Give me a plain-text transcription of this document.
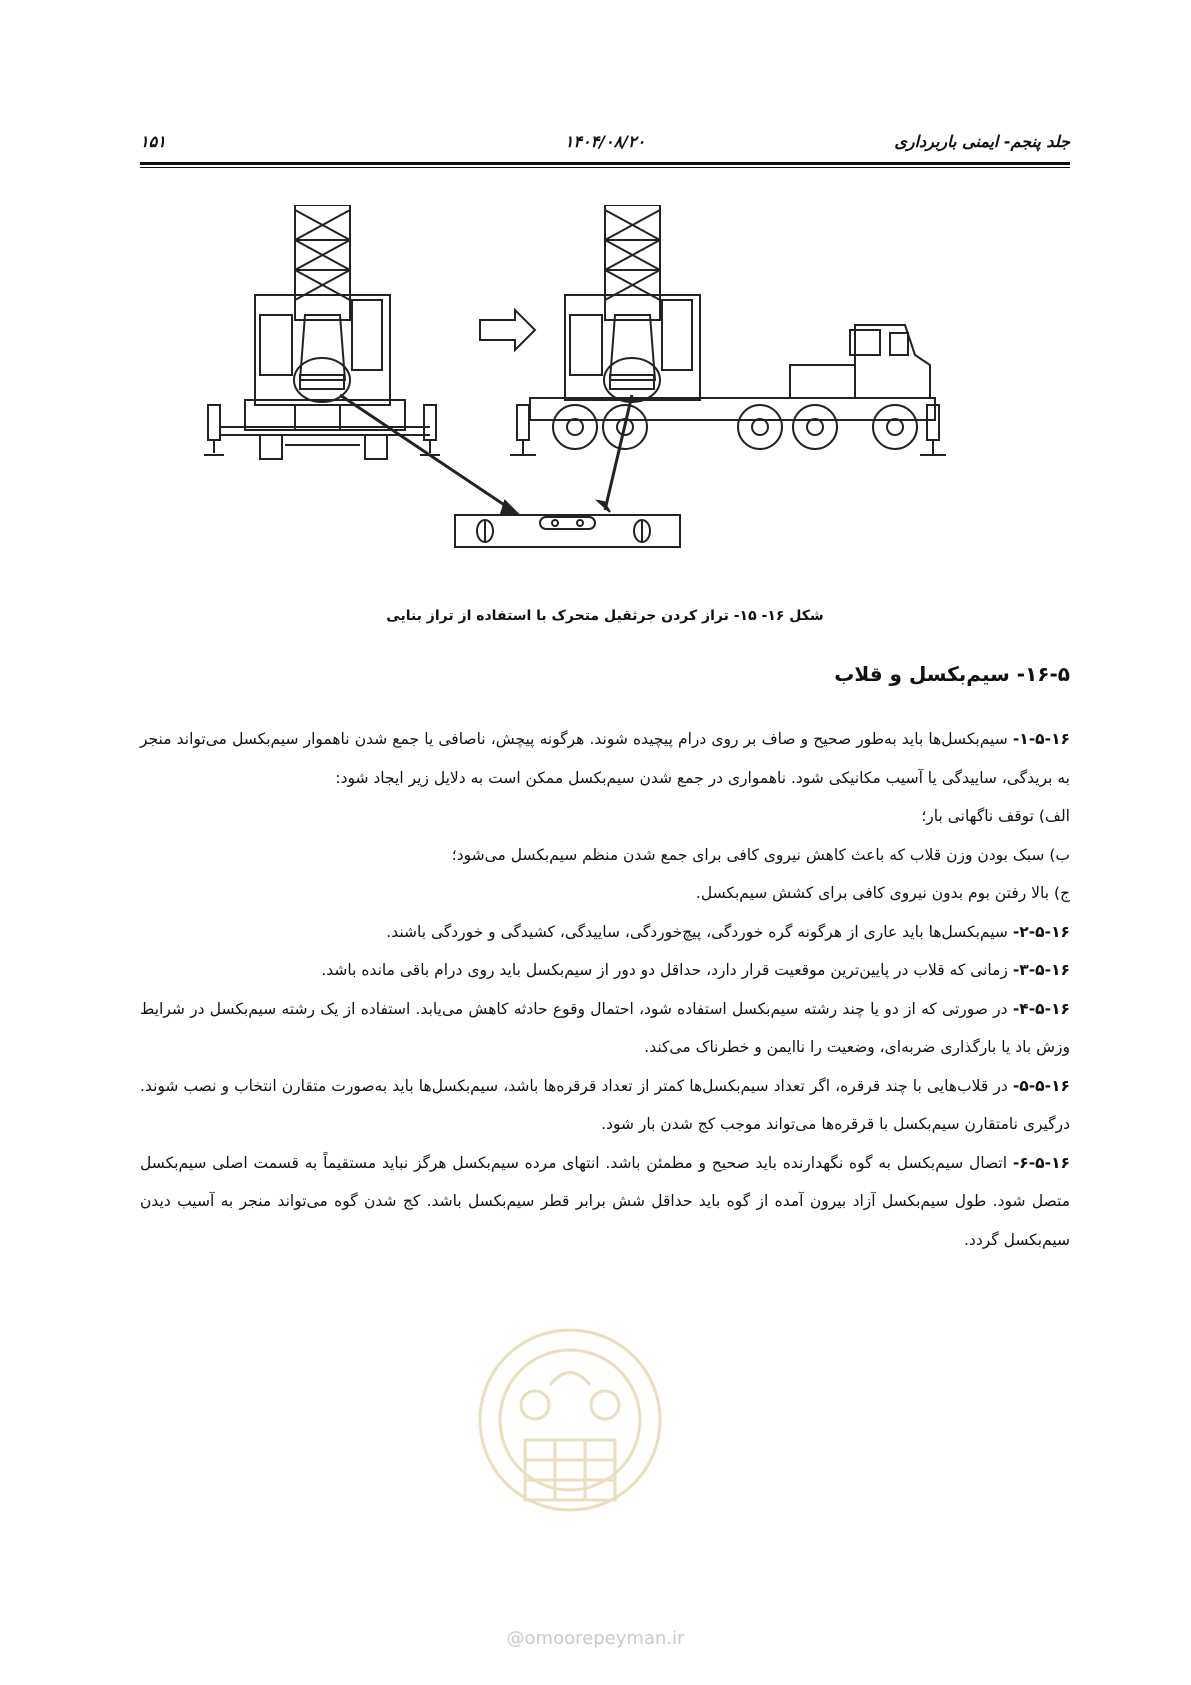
جلد پنجم- ایمنی باربرداری
۱۴۰۴/۰۸/۲۰
۱۵۱
شکل ۱۶- ۱۵- تراز کردن جرثقیل متحرک با استفاده از تراز بنایی
۱۶-۵- سیم‌بکسل و قلاب

۱-۵-۱۶- سیم‌بکسل‌ها باید به‌طور صحیح و صاف بر روی درام پیچیده شوند. هرگونه پیچش، ناصافی یا جمع شدن ناهموار سیم‌بکسل می‌تواند منجر به بریدگی، ساییدگی یا آسیب مکانیکی شود. ناهمواری در جمع شدن سیم‌بکسل ممکن است به دلایل زیر ایجاد شود:

الف) توقف ناگهانی بار؛

ب) سبک بودن وزن قلاب که باعث کاهش نیروی کافی برای جمع شدن منظم سیم‌بکسل می‌شود؛

ج) بالا رفتن بوم بدون نیروی کافی برای کشش سیم‌بکسل.

۲-۵-۱۶- سیم‌بکسل‌ها باید عاری از هرگونه گره خوردگی، پیچ‌خوردگی، ساییدگی، کشیدگی و خوردگی باشند.

۳-۵-۱۶- زمانی که قلاب در پایین‌ترین موقعیت قرار دارد، حداقل دو دور از سیم‌بکسل باید روی درام باقی مانده باشد.

۴-۵-۱۶- در صورتی که از دو یا چند رشته سیم‌بکسل استفاده شود، احتمال وقوع حادثه کاهش می‌یابد. استفاده از یک رشته سیم‌بکسل در شرایط وزش باد یا بارگذاری ضربه‌ای، وضعیت را ناایمن و خطرناک می‌کند.

۵-۵-۱۶- در قلاب‌هایی با چند قرقره، اگر تعداد سیم‌بکسل‌ها کمتر از تعداد قرقره‌ها باشد، سیم‌بکسل‌ها باید به‌صورت متقارن انتخاب و نصب شوند. درگیری نامتقارن سیم‌بکسل با قرقره‌ها می‌تواند موجب کج شدن بار شود.

۶-۵-۱۶- اتصال سیم‌بکسل به گوه نگهدارنده باید صحیح و مطمئن باشد. انتهای مرده سیم‌بکسل هرگز نباید مستقیماً به قسمت اصلی سیم‌بکسل متصل شود. طول سیم‌بکسل آزاد بیرون آمده از گوه باید حداقل شش برابر قطر سیم‌بکسل باشد. کج شدن گوه می‌تواند منجر به آسیب دیدن سیم‌بکسل گردد.

@omoorepeyman.ir
